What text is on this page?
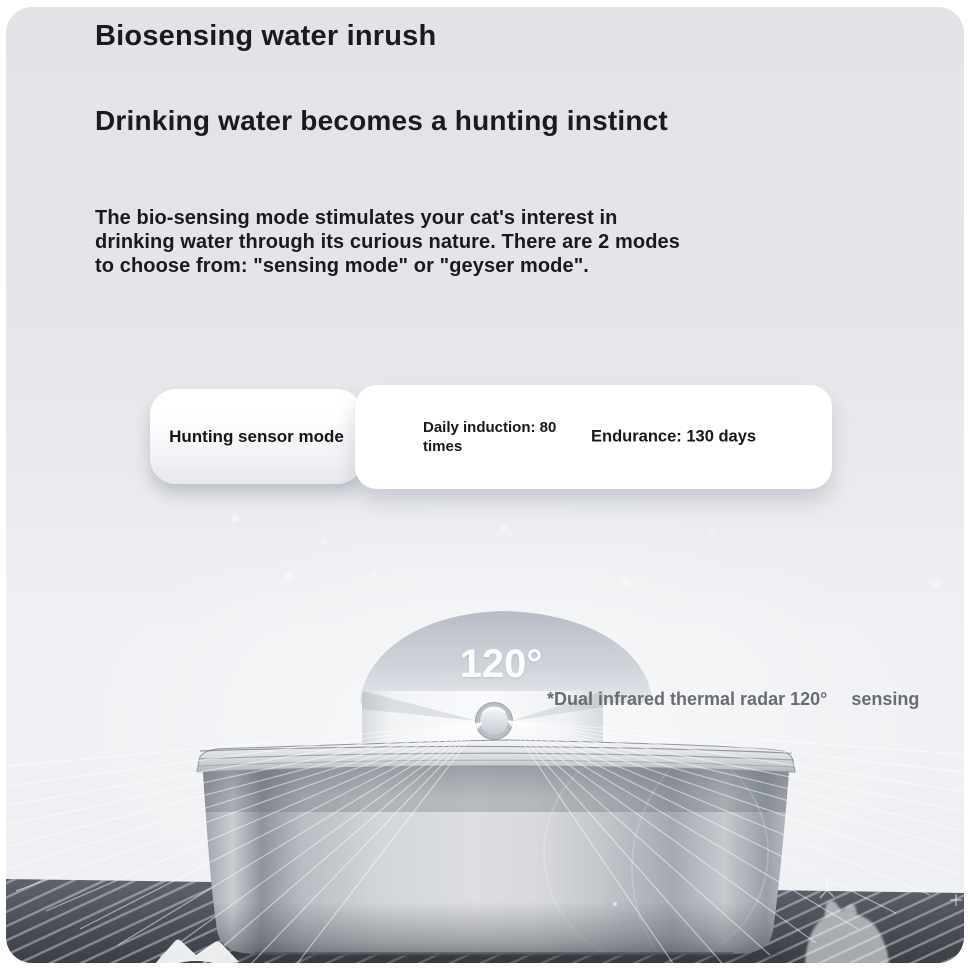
Biosensing water inrush
Drinking water becomes a hunting instinct
The bio-sensing mode stimulates your cat's interest in
drinking water through its curious nature. There are 2 modes
to choose from: "sensing mode" or "geyser mode".
Hunting sensor mode	Daily induction: 80 times
Endurance: 130 days
120°
*Dual infrared thermal radar 120° sensing
